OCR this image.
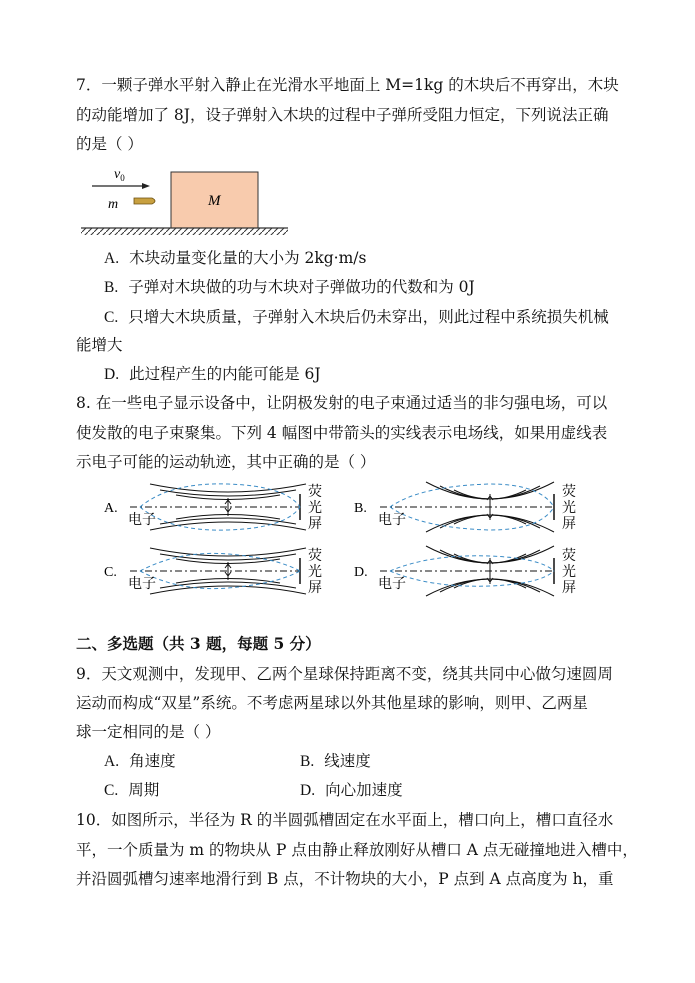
7．一颗子弹水平射入静止在光滑水平地面上 M=1kg 的木块后不再穿出，木块
的动能增加了 8J，设子弹射入木块的过程中子弹所受阻力恒定，下列说法正确
的是（ ）
M
$v_0$
m
A. 木块动量变化量的大小为 2kg·m/s
B. 子弹对木块做的功与木块对子弹做功的代数和为 0J
C. 只增大木块质量，子弹射入木块后仍未穿出，则此过程中系统损失机械
能增大
D. 此过程产生的内能可能是 6J
8. 在一些电子显示设备中，让阴极发射的电子束通过适当的非匀强电场，可以
使发散的电子束聚集。下列 4 幅图中带箭头的实线表示电场线，如果用虚线表
示电子可能的运动轨迹，其中正确的是（ ）
A.
电子
荧
光
屏
B.
电子
荧
光
屏
C.
电子
荧
光
屏
D.
电子
荧
光
屏
二、多选题（共 3 题，每题 5 分）
9．天文观测中，发现甲、乙两个星球保持距离不变，绕其共同中心做匀速圆周
运动而构成“双星”系统。不考虑两星球以外其他星球的影响，则甲、乙两星
球一定相同的是（ ）
A. 角速度	B. 线速度
C. 周期	D. 向心加速度
10．如图所示，半径为 R 的半圆弧槽固定在水平面上，槽口向上，槽口直径水
平，一个质量为 m 的物块从 P 点由静止释放刚好从槽口 A 点无碰撞地进入槽中，
并沿圆弧槽匀速率地滑行到 B 点，不计物块的大小，P 点到 A 点高度为 h，重
